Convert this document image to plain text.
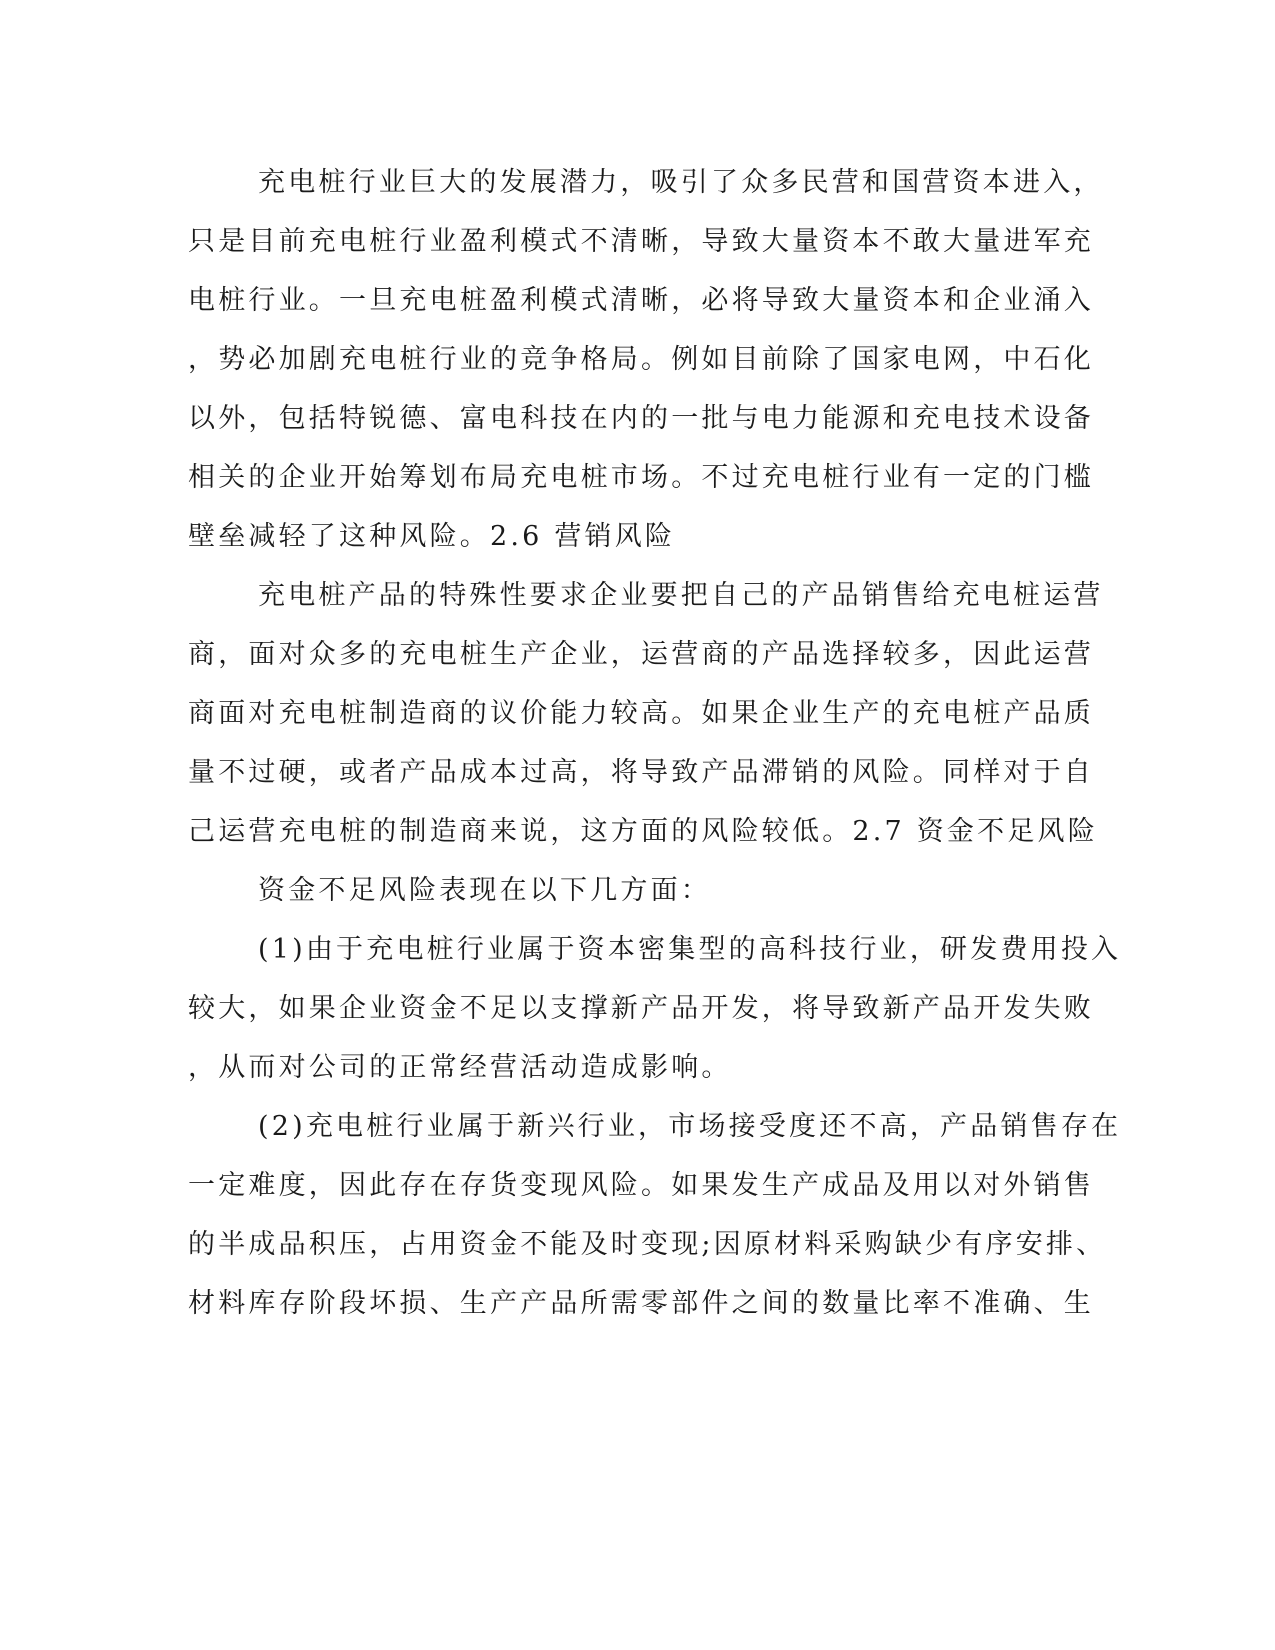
充电桩行业巨大的发展潜力，吸引了众多民营和国营资本进入，
只是目前充电桩行业盈利模式不清晰，导致大量资本不敢大量进军充
电桩行业。一旦充电桩盈利模式清晰，必将导致大量资本和企业涌入
，势必加剧充电桩行业的竞争格局。例如目前除了国家电网，中石化
以外，包括特锐德、富电科技在内的一批与电力能源和充电技术设备
相关的企业开始筹划布局充电桩市场。不过充电桩行业有一定的门槛
壁垒减轻了这种风险。2.6 营销风险
充电桩产品的特殊性要求企业要把自己的产品销售给充电桩运营
商，面对众多的充电桩生产企业，运营商的产品选择较多，因此运营
商面对充电桩制造商的议价能力较高。如果企业生产的充电桩产品质
量不过硬，或者产品成本过高，将导致产品滞销的风险。同样对于自
己运营充电桩的制造商来说，这方面的风险较低。2.7 资金不足风险
资金不足风险表现在以下几方面：
(1)由于充电桩行业属于资本密集型的高科技行业，研发费用投入
较大，如果企业资金不足以支撑新产品开发，将导致新产品开发失败
，从而对公司的正常经营活动造成影响。
(2)充电桩行业属于新兴行业，市场接受度还不高，产品销售存在
一定难度，因此存在存货变现风险。如果发生产成品及用以对外销售
的半成品积压，占用资金不能及时变现;因原材料采购缺少有序安排、
材料库存阶段坏损、生产产品所需零部件之间的数量比率不准确、生
